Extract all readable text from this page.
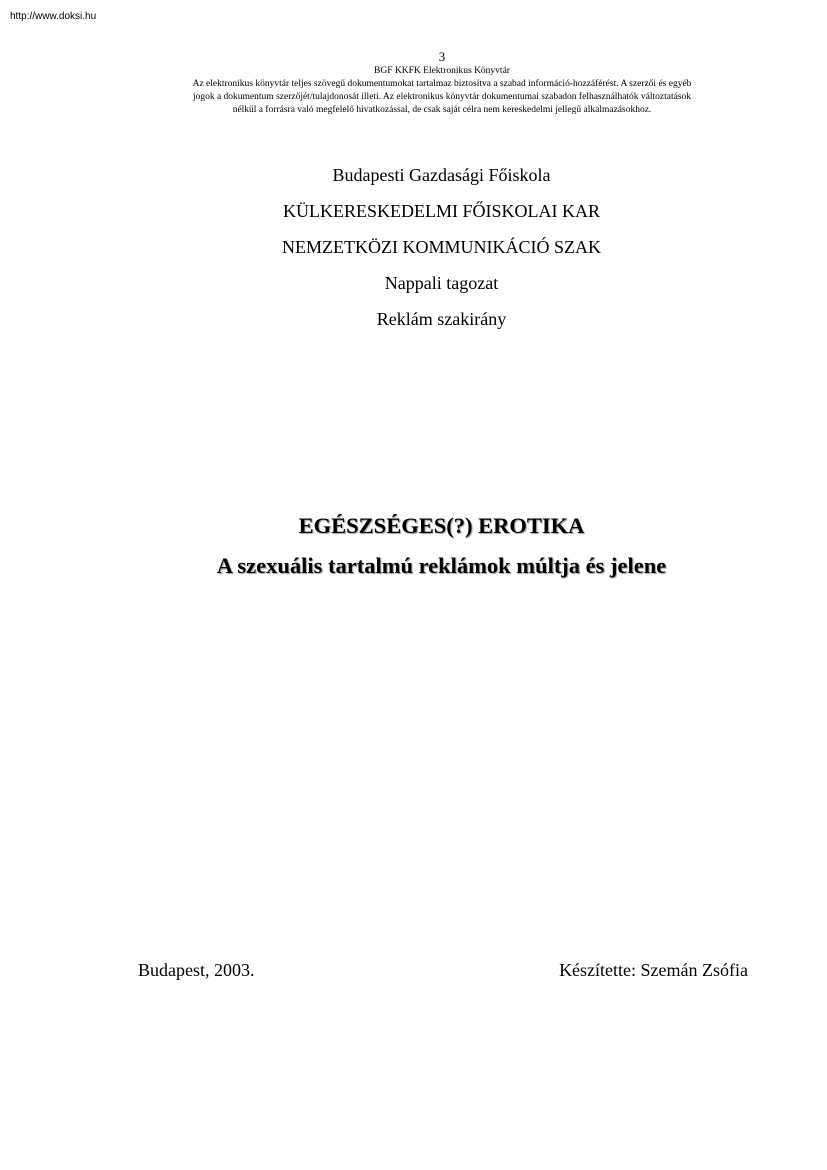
http://www.doksi.hu
3
BGF KKFK Elektronikus Könyvtár
Az elektronikus könyvtár teljes szövegű dokumentumokat tartalmaz biztosítva a szabad információ-hozzáférést. A szerzői és egyéb
jogok a dokumentum szerzőjét/tulajdonosát illeti. Az elektronikus könyvtár dokumentumai szabadon felhasználhatók változtatások
nélkül a forrásra való megfelelő hivatkozással, de csak saját célra nem kereskedelmi jellegű alkalmazásokhoz.
Budapesti Gazdasági Főiskola
KÜLKERESKEDELMI FŐISKOLAI KAR
NEMZETKÖZI KOMMUNIKÁCIÓ SZAK
Nappali tagozat
Reklám szakirány
EGÉSZSÉGES(?) EROTIKA
A szexuális tartalmú reklámok múltja és jelene
Budapest, 2003.	Készítette: Szemán Zsófia
